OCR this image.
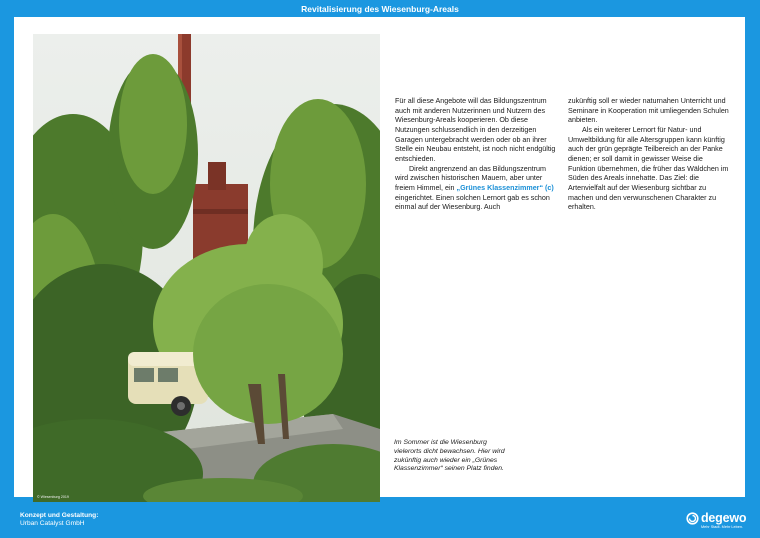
Revitalisierung des Wiesenburg-Areals
© Wiesenburg 2019

Für all diese Angebote will das Bildungszentrum auch mit anderen Nutzerinnen und Nutzern des Wiesenburg-Areals kooperieren. Ob diese Nutzungen schlussendlich in den derzeitigen Garagen untergebracht werden oder ob an ihrer Stelle ein Neubau entsteht, ist noch nicht endgültig entschieden.

Direkt angrenzend an das Bildungszentrum wird zwischen historischen Mauern, aber unter freiem Himmel, ein „Grünes Klassenzimmer“ (c) eingerichtet. Einen solchen Lernort gab es schon einmal auf der Wiesenburg. Auch

zukünftig soll er wieder naturnahen Unterricht und Seminare in Kooperation mit umliegenden Schulen anbieten.

Als ein weiterer Lernort für Natur- und Umweltbildung für alle Altersgruppen kann künftig auch der grün geprägte Teilbereich an der Panke dienen; er soll damit in gewisser Weise die Funktion übernehmen, die früher das Wäldchen im Süden des Areals innehatte. Das Ziel: die Artenvielfalt auf der Wiesenburg sichtbar zu machen und den verwunschenen Charakter zu erhalten.

Im Sommer ist die Wiesenburg vielerorts dicht bewachsen. Hier wird zukünftig auch wieder ein „Grünes Klassenzimmer“ seinen Platz finden.
Konzept und Gestaltung:
Urban Catalyst GmbH	degewo
Mehr Stadt. Mehr Leben.
